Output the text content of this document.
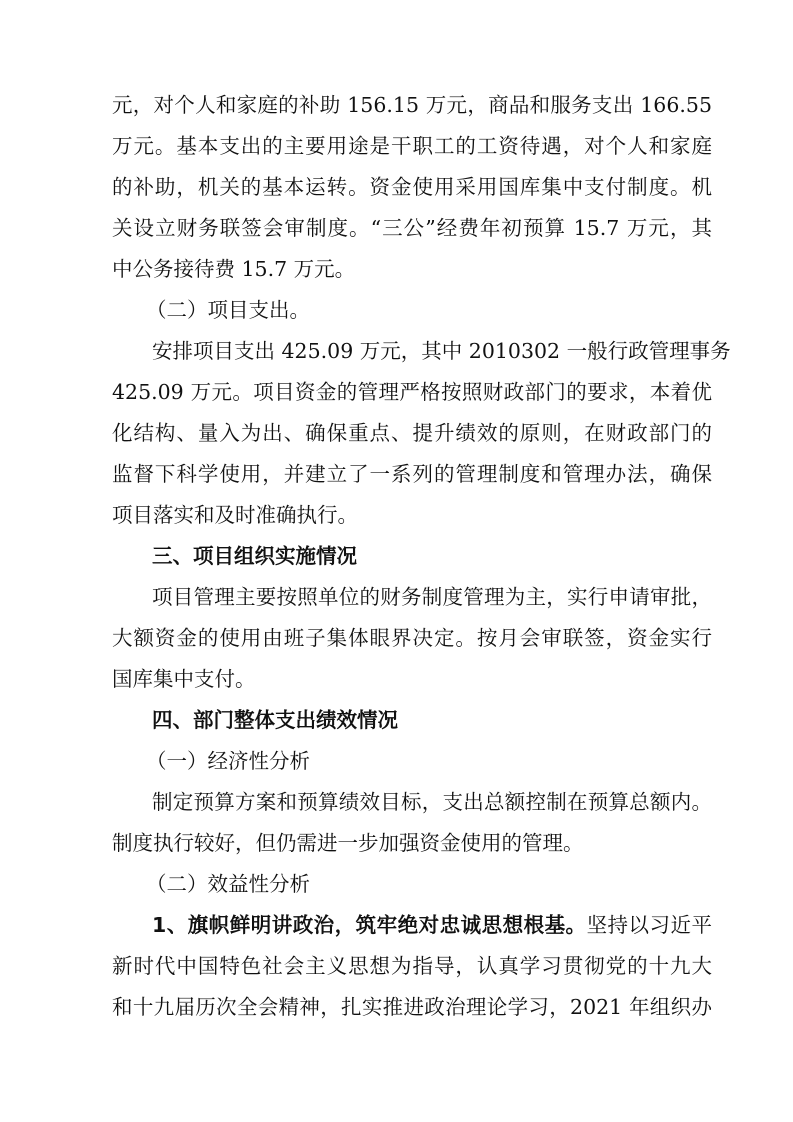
元，对个人和家庭的补助 156.15 万元，商品和服务支出 166.55
万元。基本支出的主要用途是干职工的工资待遇，对个人和家庭
的补助，机关的基本运转。资金使用采用国库集中支付制度。机
关设立财务联签会审制度。“三公”经费年初预算 15.7 万元，其
中公务接待费 15.7 万元。
（二）项目支出。
安排项目支出 425.09 万元，其中 2010302 一般行政管理事务
425.09 万元。项目资金的管理严格按照财政部门的要求，本着优
化结构、量入为出、确保重点、提升绩效的原则，在财政部门的
监督下科学使用，并建立了一系列的管理制度和管理办法，确保
项目落实和及时准确执行。
三、项目组织实施情况
项目管理主要按照单位的财务制度管理为主，实行申请审批，
大额资金的使用由班子集体眼界决定。按月会审联签，资金实行
国库集中支付。
四、部门整体支出绩效情况
（一）经济性分析
制定预算方案和预算绩效目标，支出总额控制在预算总额内。
制度执行较好，但仍需进一步加强资金使用的管理。
（二）效益性分析
1、旗帜鲜明讲政治，筑牢绝对忠诚思想根基。坚持以习近平
新时代中国特色社会主义思想为指导，认真学习贯彻党的十九大
和十九届历次全会精神，扎实推进政治理论学习，2021 年组织办
